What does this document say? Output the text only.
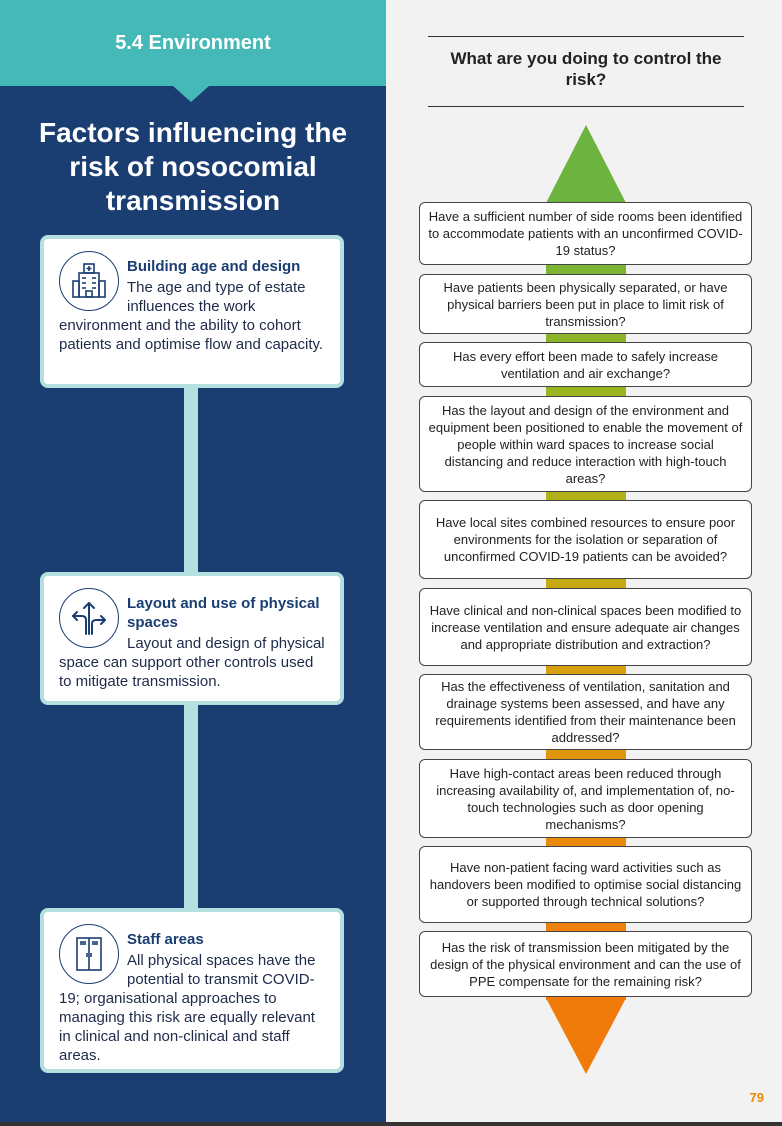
5.4 Environment
Factors influencing the risk of nosocomial transmission
Building age and design
The age and type of estate influences the work environment and the ability to cohort patients and optimise flow and capacity.
Layout and use of physical spaces
Layout and design of physical space can support other controls used to mitigate transmission.
Staff areas
All physical spaces have the potential to transmit COVID-19; organisational approaches to managing this risk are equally relevant in clinical and non-clinical and staff areas.
What are you doing to control the risk?
Have a sufficient number of side rooms been identified to accommodate patients with an unconfirmed COVID-19 status?
Have patients been physically separated, or have physical barriers been put in place to limit risk of transmission?
Has every effort been made to safely increase ventilation and air exchange?
Has the layout and design of the environment and equipment been positioned to enable the movement of people within ward spaces to increase social distancing and reduce interaction with high-touch areas?
Have local sites combined resources to ensure poor environments for the isolation or separation of unconfirmed COVID-19 patients can be avoided?
Have clinical and non-clinical spaces been modified to increase ventilation and ensure adequate air changes and appropriate distribution and extraction?
Has the effectiveness of ventilation, sanitation and drainage systems been assessed, and have any requirements identified from their maintenance been addressed?
Have high-contact areas been reduced through increasing availability of, and implementation of, no-touch technologies such as door opening mechanisms?
Have non-patient facing ward activities such as handovers been modified to optimise social distancing or supported through technical solutions?
Has the risk of transmission been mitigated by the design of the physical environment and can the use of PPE compensate for the remaining risk?
79
